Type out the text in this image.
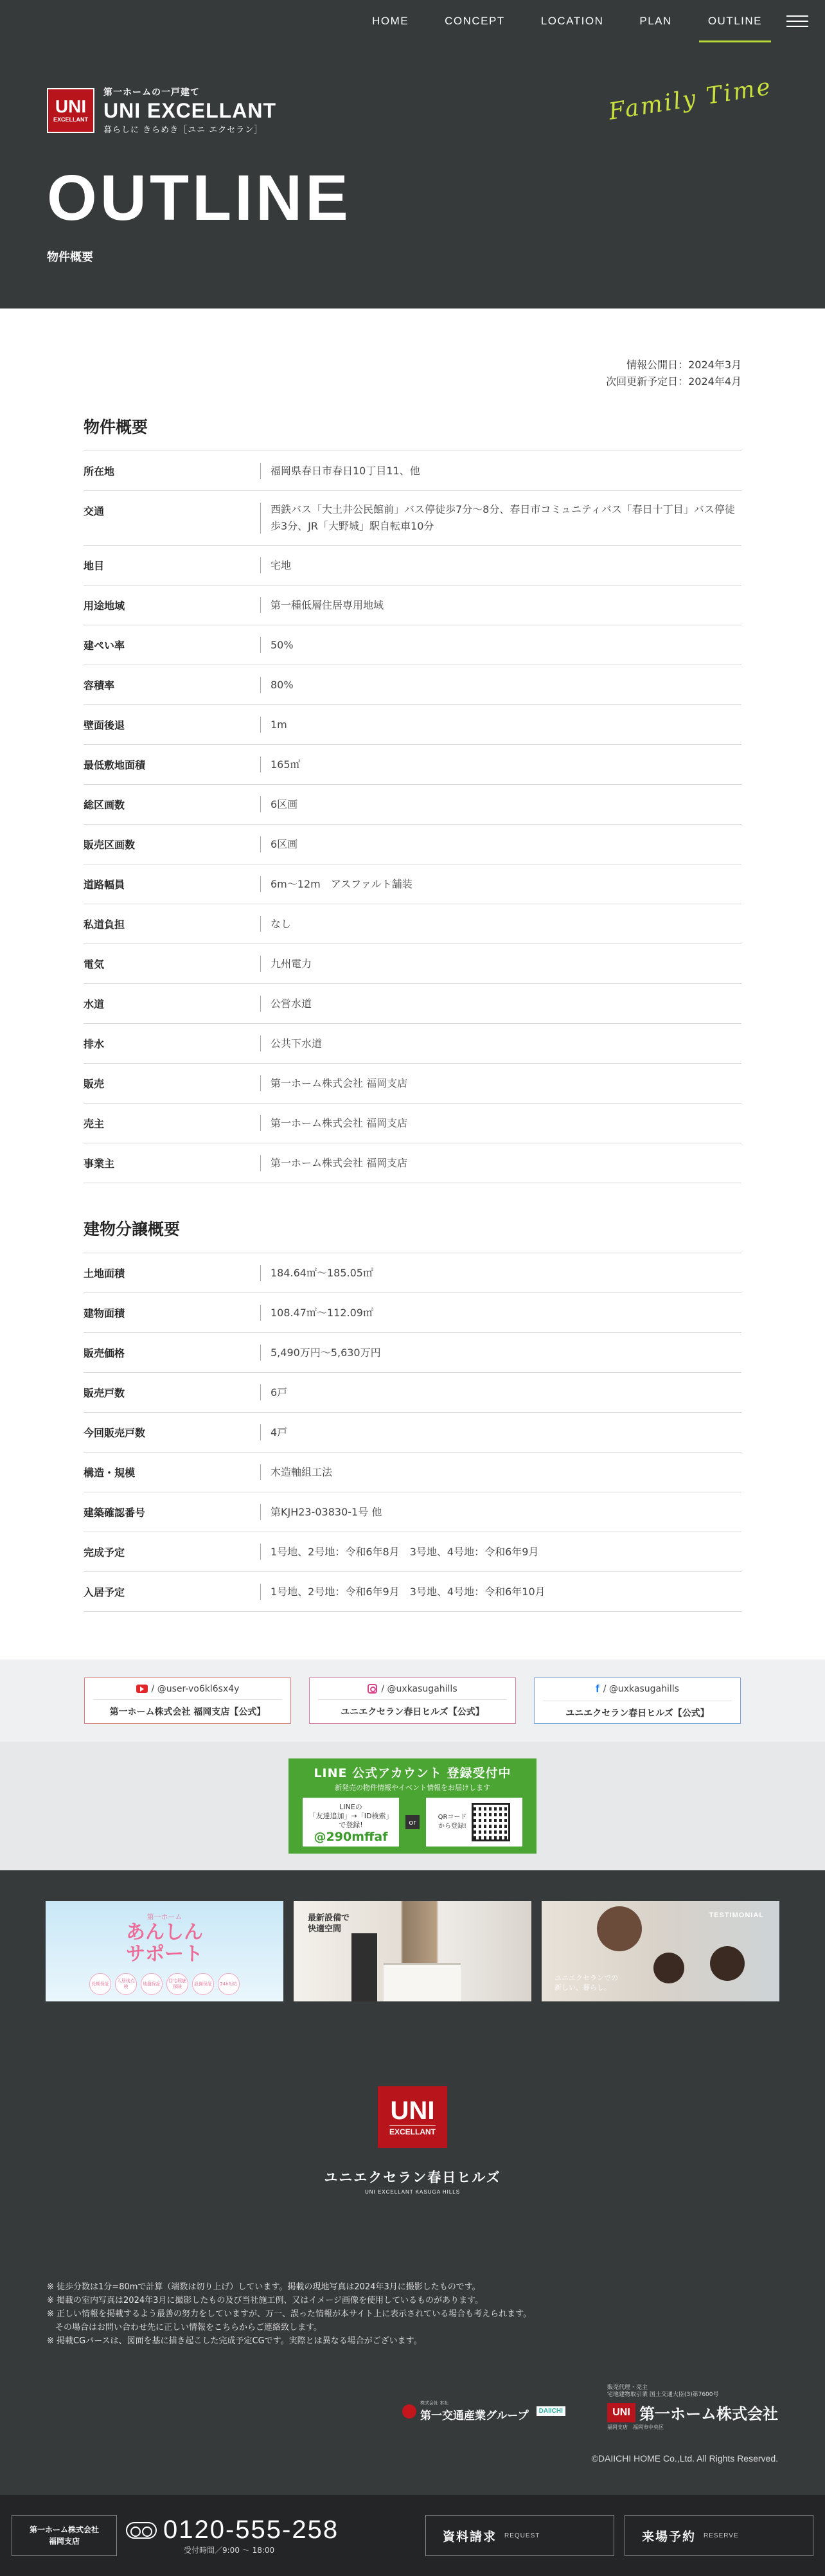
HOME	CONCEPT	LOCATION	PLAN	OUTLINE
UNI
EXCELLANT
第一ホームの一戸建て
UNI EXCELLANT
暮らしに きらめき［ユニ エクセラン］
Family Time
OUTLINE
物件概要
情報公開日：2024年3月
次回更新予定日：2024年4月
物件概要
所在地	福岡県春日市春日10丁目11、他
交通	西鉄バス「大土井公民館前」バス停徒歩7分〜8分、春日市コミュニティバス「春日十丁目」バス停徒歩3分、JR「大野城」駅自転車10分
地目	宅地
用途地域	第一種低層住居専用地域
建ぺい率	50%
容積率	80%
壁面後退	1m
最低敷地面積	165㎡
総区画数	6区画
販売区画数	6区画
道路幅員	6m〜12m　アスファルト舗装
私道負担	なし
電気	九州電力
水道	公営水道
排水	公共下水道
販売	第一ホーム株式会社 福岡支店
売主	第一ホーム株式会社 福岡支店
事業主	第一ホーム株式会社 福岡支店
建物分譲概要
土地面積	184.64㎡〜185.05㎡
建物面積	108.47㎡〜112.09㎡
販売価格	5,490万円〜5,630万円
販売戸数	6戸
今回販売戸数	4戸
構造・規模	木造軸組工法
建築確認番号	第KJH23-03830-1号 他
完成予定	1号地、2号地：令和6年8月　3号地、4号地：令和6年9月
入居予定	1号地、2号地：令和6年9月　3号地、4号地：令和6年10月
/ @user-vo6kl6sx4y
第一ホーム株式会社 福岡支店【公式】
/ @uxkasugahills
ユニエクセラン春日ヒルズ【公式】
f / @uxkasugahills
ユニエクセラン春日ヒルズ【公式】
LINE 公式アカウント 登録受付中
新発売の物件情報やイベント情報をお届けします
LINEの
「友達追加」→「ID検索」
で登録!
@290mffaf
or
QRコード
から登録!
第一ホーム
あんしん
サポート
長期保証
入居後点検
地盤保証
住宅瑕疵保険
設備保証	24h対応
最新設備で
快適空間
TESTIMONIAL
ユニエクセランでの
新しい、暮らし。
UNI
EXCELLANT
ユニエクセラン春日ヒルズ
UNI EXCELLANT KASUGA HILLS
※ 徒歩分数は1分=80mで計算（端数は切り上げ）しています。掲載の現地写真は2024年3月に撮影したものです。
※ 掲載の室内写真は2024年3月に撮影したもの及び当社施工例、又はイメージ画像を使用しているものがあります。
※ 正しい情報を掲載するよう最善の努力をしていますが、万一、誤った情報が本サイト上に表示されている場合も考えられます。
　その場合はお問い合わせ先に正しい情報をこちらからご連絡致します。
※ 掲載CGパースは、図面を基に描き起こした完成予定CGです。実際とは異なる場合がございます。
株式会社 本社
第一交通産業グループ	DAIICHI
販売代理・売主
宅地建物取引業 国土交通大臣(3)第7600号
UNI 第一ホーム株式会社
福岡支店　福岡市中央区
©DAIICHI HOME Co.,Ltd. All Rights Reserved.
第一ホーム株式会社
福岡支店	0120-555-258
受付時間／9:00 ～ 18:00
資料請求 REQUEST	来場予約 RESERVE
